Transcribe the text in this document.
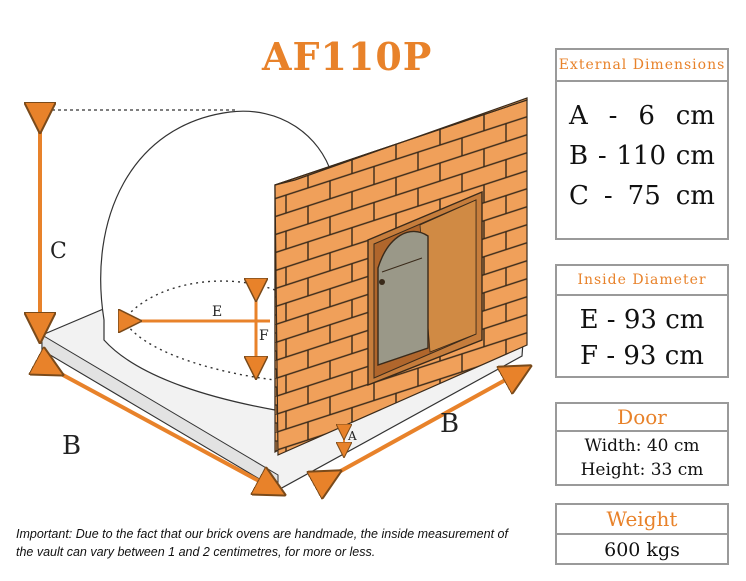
AF110P
C
E
F
B
B
A
External Dimensions
A - 6 cm
B - 110 cm
C - 75 cm
Inside Diameter
E - 93 cm
F - 93 cm
Door
Width: 40 cm
Height: 33 cm
Weight
600 kgs
Important: Due to the fact that our brick ovens are handmade, the inside measurement of the vault can vary between 1 and 2 centimetres, for more or less.
